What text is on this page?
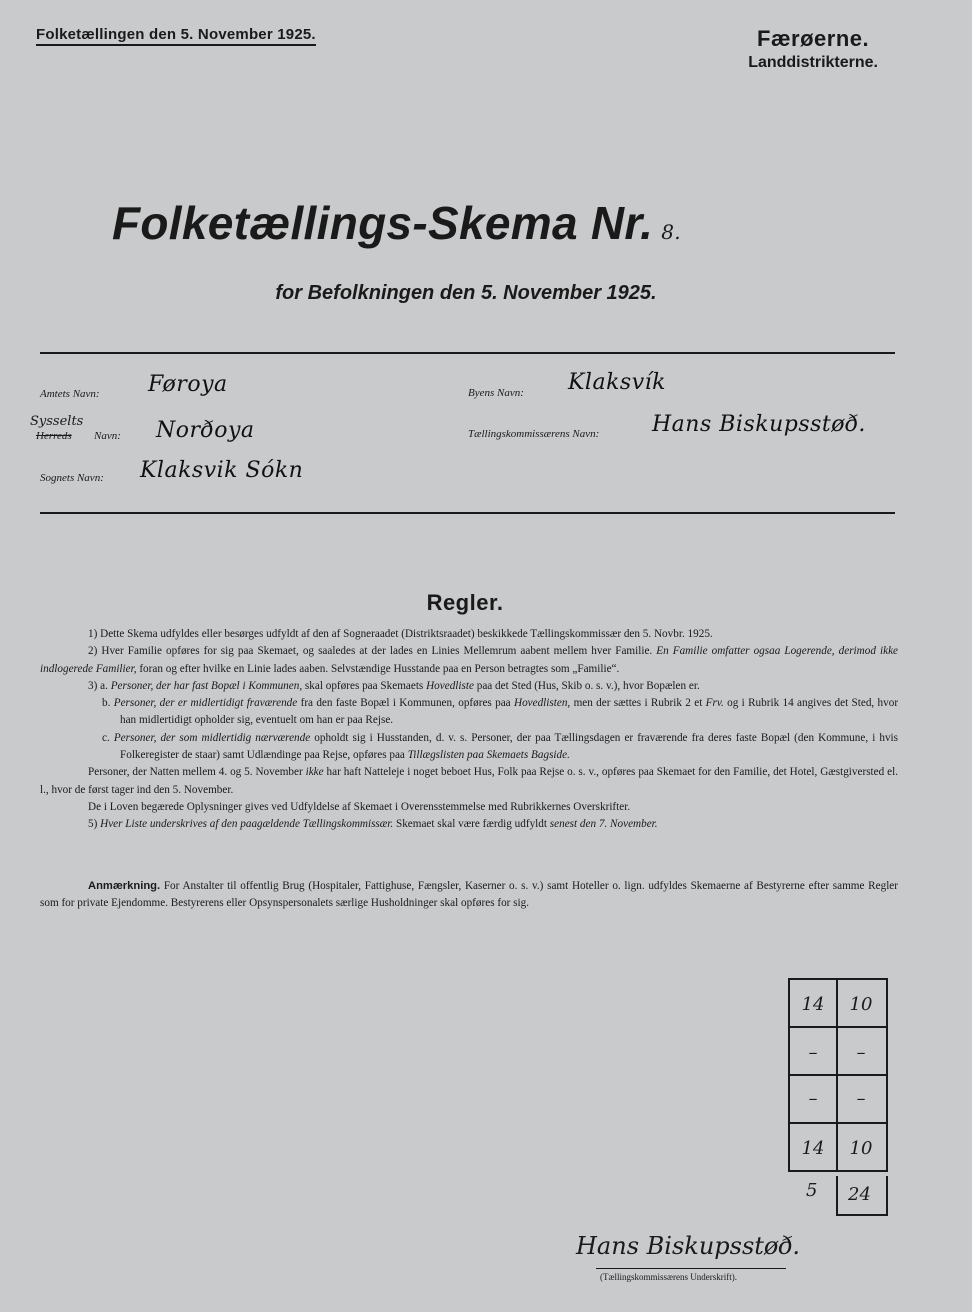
Folketællingen den 5. November 1925.	Færøerne.
Landdistrikterne.
Folketællings-Skema Nr. 8.
for Befolkningen den 5. November 1925.
Amtets Navn: Føroya
Sysselts
Herreds Navn: Norðoya
Sognets Navn: Klaksvik Sókn
Byens Navn: Klaksvík
Tællingskommissærens Navn: Hans Biskupsstøð.
Regler.

1) Dette Skema udfyldes eller besørges udfyldt af den af Sogneraadet (Distriktsraadet) beskikkede Tællingskommissær den 5. Novbr. 1925.

2) Hver Familie opføres for sig paa Skemaet, og saaledes at der lades en Linies Mellemrum aabent mellem hver Familie. En Familie omfatter ogsaa Logerende, derimod ikke indlogerede Familier, foran og efter hvilke en Linie lades aaben. Selvstændige Husstande paa en Person betragtes som „Familie“.

3) a. Personer, der har fast Bopæl i Kommunen, skal opføres paa Skemaets Hovedliste paa det Sted (Hus, Skib o. s. v.), hvor Bopælen er.

b. Personer, der er midlertidigt fraværende fra den faste Bopæl i Kommunen, opføres paa Hovedlisten, men der sættes i Rubrik 2 et Frv. og i Rubrik 14 angives det Sted, hvor han midlertidigt opholder sig, eventuelt om han er paa Rejse.

c. Personer, der som midlertidig nærværende opholdt sig i Husstanden, d. v. s. Personer, der paa Tællingsdagen er fraværende fra deres faste Bopæl (den Kommune, i hvis Folkeregister de staar) samt Udlændinge paa Rejse, opføres paa Tillægslisten paa Skemaets Bagside.

Personer, der Natten mellem 4. og 5. November ikke har haft Natteleje i noget beboet Hus, Folk paa Rejse o. s. v., opføres paa Skemaet for den Familie, det Hotel, Gæstgiversted el. l., hvor de først tager ind den 5. November.

De i Loven begærede Oplysninger gives ved Udfyldelse af Skemaet i Overensstemmelse med Rubrikkernes Overskrifter.

5) Hver Liste underskrives af den paagældende Tællingskommissær. Skemaet skal være færdig udfyldt senest den 7. November.

Anmærkning. For Anstalter til offentlig Brug (Hospitaler, Fattighuse, Fængsler, Kaserner o. s. v.) samt Hoteller o. lign. udfyldes Skemaerne af Bestyrerne efter samme Regler som for private Ejendomme. Bestyrerens eller Opsynspersonalets særlige Husholdninger skal opføres for sig.
14	10
–	–
–	–
14	10
5 24
Hans Biskupsstøð.
(Tællingskommissærens Underskrift).
